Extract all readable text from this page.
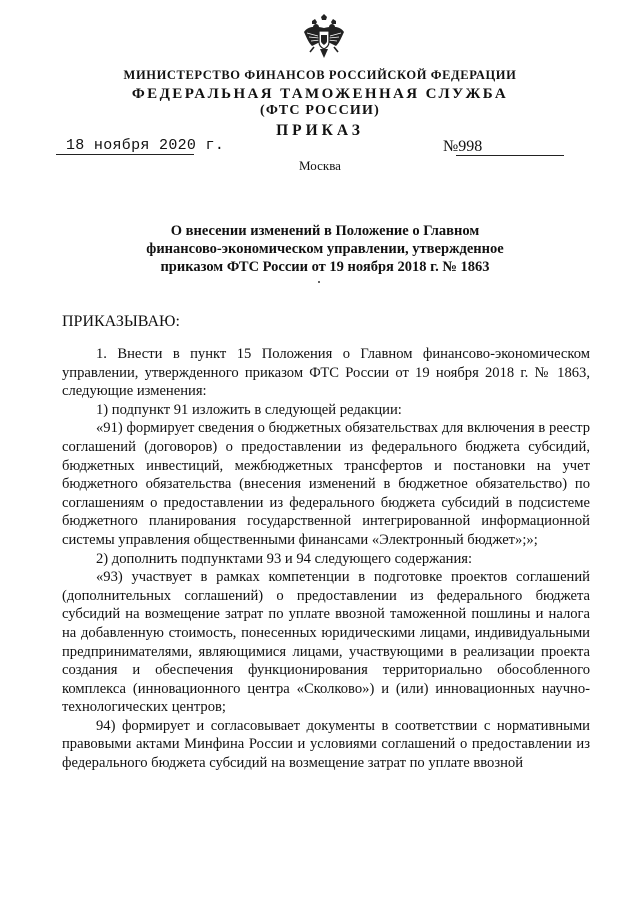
МИНИСТЕРСТВО ФИНАНСОВ РОССИЙСКОЙ ФЕДЕРАЦИИ
ФЕДЕРАЛЬНАЯ ТАМОЖЕННАЯ СЛУЖБА
(ФТС РОССИИ)
ПРИКАЗ
18 ноября 2020 г.	№998
Москва
О внесении изменений в Положение о Главном
финансово-экономическом управлении, утвержденное
приказом ФТС России от 19 ноября 2018 г. № 1863
ПРИКАЗЫВАЮ:

1. Внести в пункт 15 Положения о Главном финансово-экономическом управлении, утвержденного приказом ФТС России от 19 ноября 2018 г. № 1863, следующие изменения:

1) подпункт 91 изложить в следующей редакции:

«91) формирует сведения о бюджетных обязательствах для включения в реестр соглашений (договоров) о предоставлении из федерального бюджета субсидий, бюджетных инвестиций, межбюджетных трансфертов и постановки на учет бюджетного обязательства (внесения изменений в бюджетное обязательство) по соглашениям о предоставлении из федерального бюджета субсидий в подсистеме бюджетного планирования государственной интегрированной информационной системы управления общественными финансами «Электронный бюджет»;»;

2) дополнить подпунктами 93 и 94 следующего содержания:

«93) участвует в рамках компетенции в подготовке проектов соглашений (дополнительных соглашений) о предоставлении из федерального бюджета субсидий на возмещение затрат по уплате ввозной таможенной пошлины и налога на добавленную стоимость, понесенных юридическими лицами, индивидуальными предпринимателями, являющимися лицами, участвующими в реализации проекта создания и обеспечения функционирования территориально обособленного комплекса (инновационного центра «Сколково») и (или) инновационных научно-технологических центров;

94) формирует и согласовывает документы в соответствии с нормативными правовыми актами Минфина России и условиями соглашений о предоставлении из федерального бюджета субсидий на возмещение затрат по уплате ввозной
